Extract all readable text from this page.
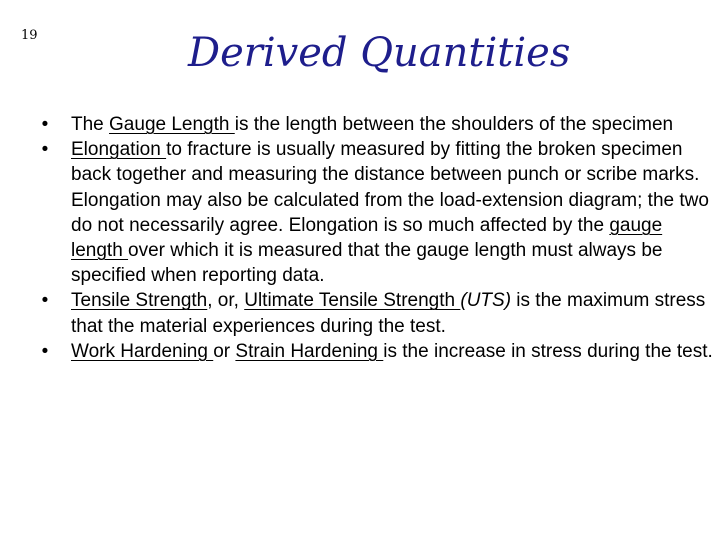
19	Derived Quantities
•	The Gauge Length is the length between the shoulders of the specimen
•	Elongation to fracture is usually measured by fitting the broken specimen back together and measuring the distance between punch or scribe marks. Elongation may also be calculated from the load-extension diagram; the two do not necessarily agree. Elongation is so much affected by the gauge length over which it is measured that the gauge length must always be specified when reporting data.
•	Tensile Strength, or, Ultimate Tensile Strength (UTS) is the maximum stress that the material experiences during the test.
•	Work Hardening or Strain Hardening is the increase in stress during the test.
